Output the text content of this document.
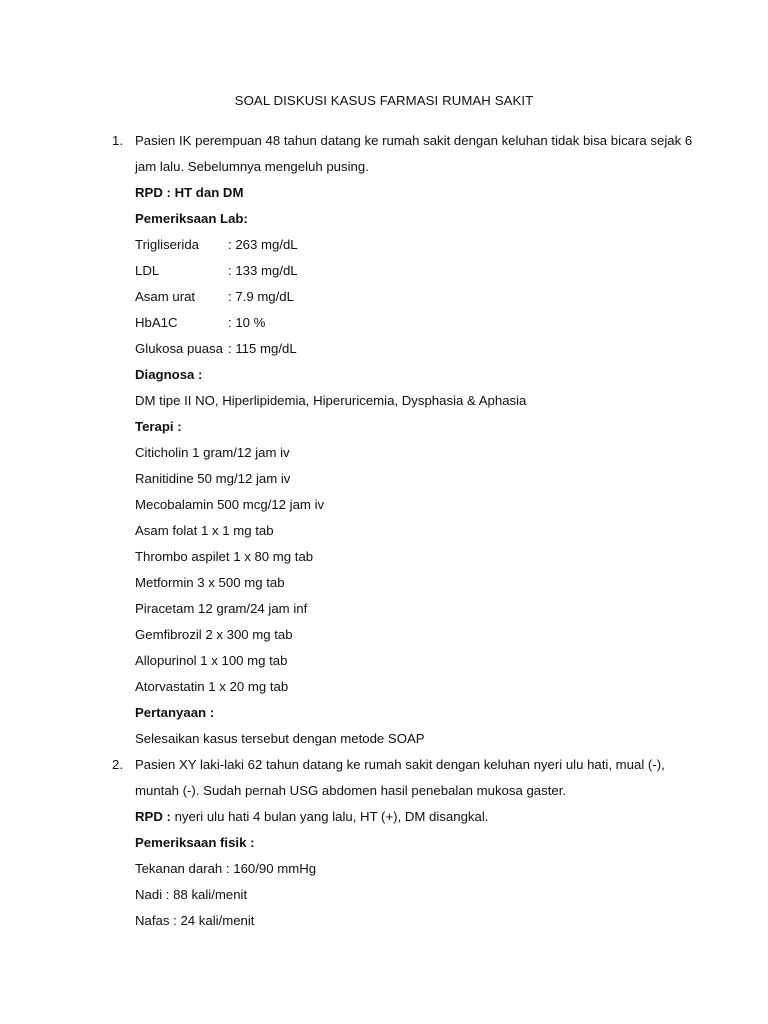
SOAL DISKUSI KASUS FARMASI RUMAH SAKIT
1. Pasien IK perempuan 48 tahun datang ke rumah sakit dengan keluhan tidak bisa bicara sejak 6
jam lalu. Sebelumnya mengeluh pusing.
RPD : HT dan DM
Pemeriksaan Lab:
Trigliserida : 263 mg/dL
LDL	: 133 mg/dL
Asam urat : 7.9 mg/dL
HbA1C	: 10 %
Glukosa puasa : 115 mg/dL
Diagnosa :
DM tipe II NO, Hiperlipidemia, Hiperuricemia, Dysphasia & Aphasia
Terapi :
Citicholin 1 gram/12 jam iv
Ranitidine 50 mg/12 jam iv
Mecobalamin 500 mcg/12 jam iv
Asam folat 1 x 1 mg tab
Thrombo aspilet 1 x 80 mg tab
Metformin 3 x 500 mg tab
Piracetam 12 gram/24 jam inf
Gemfibrozil 2 x 300 mg tab
Allopurinol 1 x 100 mg tab
Atorvastatin 1 x 20 mg tab
Pertanyaan :
Selesaikan kasus tersebut dengan metode SOAP
2. Pasien XY laki-laki 62 tahun datang ke rumah sakit dengan keluhan nyeri ulu hati, mual (-),
muntah (-). Sudah pernah USG abdomen hasil penebalan mukosa gaster.
RPD : nyeri ulu hati 4 bulan yang lalu, HT (+), DM disangkal.
Pemeriksaan fisik :
Tekanan darah : 160/90 mmHg
Nadi : 88 kali/menit
Nafas : 24 kali/menit
